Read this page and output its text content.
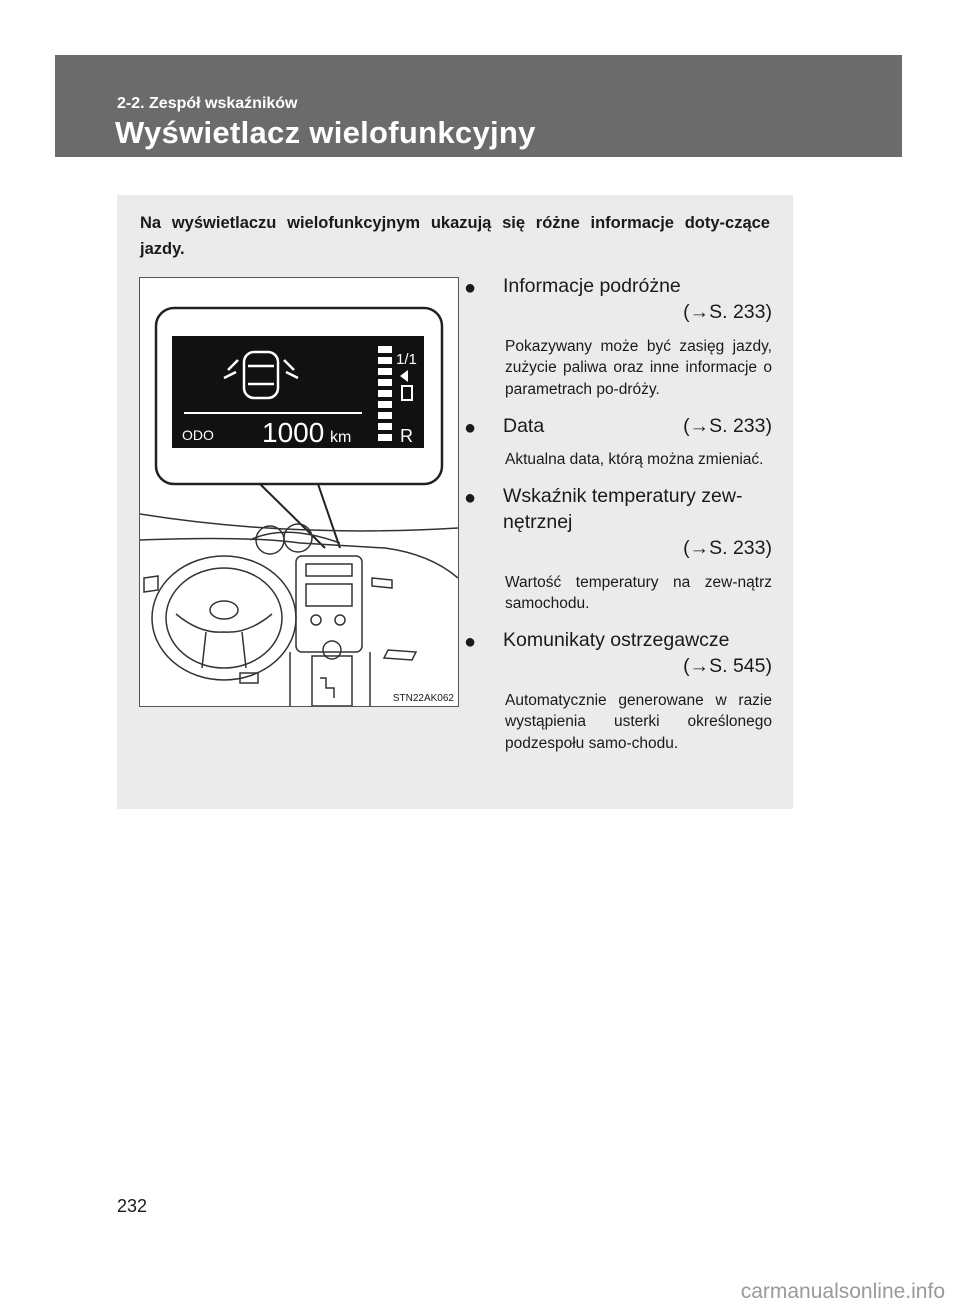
2-2. Zespół wskaźników
Wyświetlacz wielofunkcyjny
Na wyświetlaczu wielofunkcyjnym ukazują się różne informacje doty-czące jazdy.
1/1
R
ODO 1000 km
STN22AK062
● Informacje podróżne
(→S. 233)
Pokazywany może być zasięg jazdy, zużycie paliwa oraz inne informacje o parametrach po-dróży.
● Data	(→S. 233)
Aktualna data, którą można zmieniać.
● Wskaźnik temperatury zew-nętrznej
(→S. 233)
Wartość temperatury na zew-nątrz samochodu.
● Komunikaty ostrzegawcze
(→S. 545)
Automatycznie generowane w razie wystąpienia usterki określonego podzespołu samo-chodu.
232
carmanualsonline.info
